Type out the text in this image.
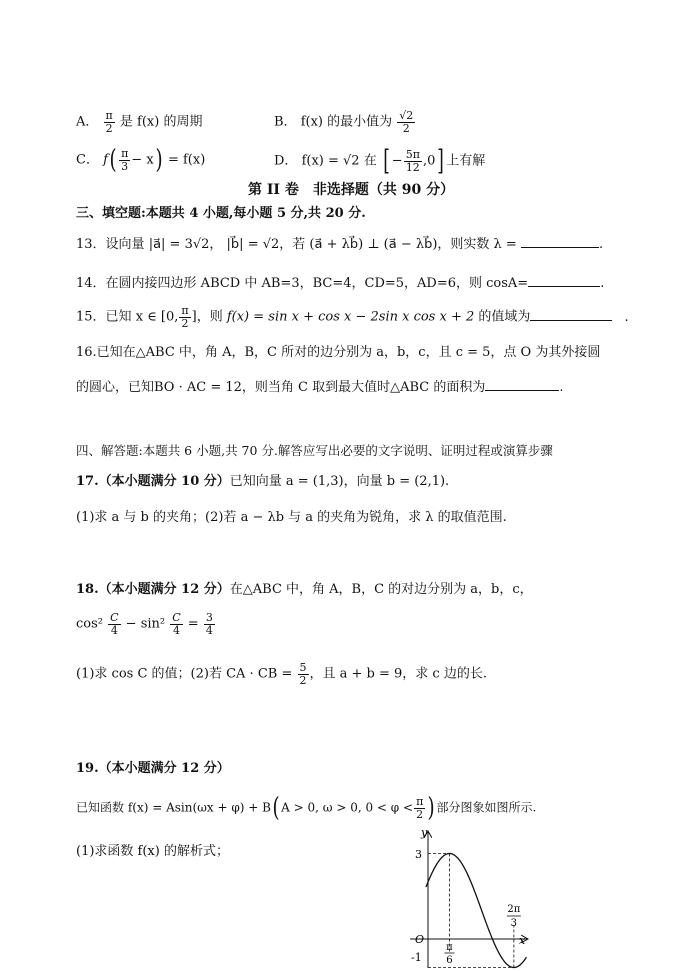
A． $\frac{\pi}{2}$ 是 f(x) 的周期	B． f(x) 的最小值为 $\frac{√2}{2}$
C． $f( \frac{\pi}{3} - x) = f(x)$	D． f(x) = √2 在 [ − $\frac{5\pi}{12} ,0$] 上有解
第 II 卷　非选择题（共 90 分）
三、填空题:本题共 4 小题,每小题 5 分,共 20 分.
13．设向量 |a⃗| = 3√2， |b⃗| = √2，若 (a⃗ + λb⃗) ⊥ (a⃗ − λb⃗)，则实数 λ =	.
14．在圆内接四边形 ABCD 中 AB=3，BC=4，CD=5，AD=6，则 cosA=	.
15．已知 x ∈ [0, $\frac{\pi}{2}$ ]，则 f(x) = sin x + cos x − 2sin x cos x + 2 的值域为	.
16.已知在△ABC 中，角 A，B，C 所对的边分别为 a，b，c，且 c = 5，点 O 为其外接圆
的圆心，已知BO · AC = 12，则当角 C 取到最大值时△ABC 的面积为	.
四、解答题:本题共 6 小题,共 70 分.解答应写出必要的文字说明、证明过程或演算步骤
17.（本小题满分 10 分）已知向量 a = (1,3)，向量 b = (2,1).
(1)求 a 与 b 的夹角；(2)若 a − λb 与 a 的夹角为锐角，求 λ 的取值范围.
18.（本小题满分 12 分）在△ABC 中，角 A，B，C 的对边分别为 a，b，c，
$\cos^2 \frac{C}{4} - \sin^2 \frac{C}{4} = \frac{3}{4}$
(1)求 cos C 的值；(2)若 CA · CB = $\frac{5}{2}$ ，且 a + b = 9，求 c 边的长.
19.（本小题满分 12 分）
已知函数 f(x) = Asin(ωx + φ) + B( A > 0, ω > 0, $0 < \varphi < \frac{\pi}{2}$ ) 部分图象如图所示.
(1)求函数 f(x) 的解析式；
y
x
O
3
-1
π
6
2π
3
